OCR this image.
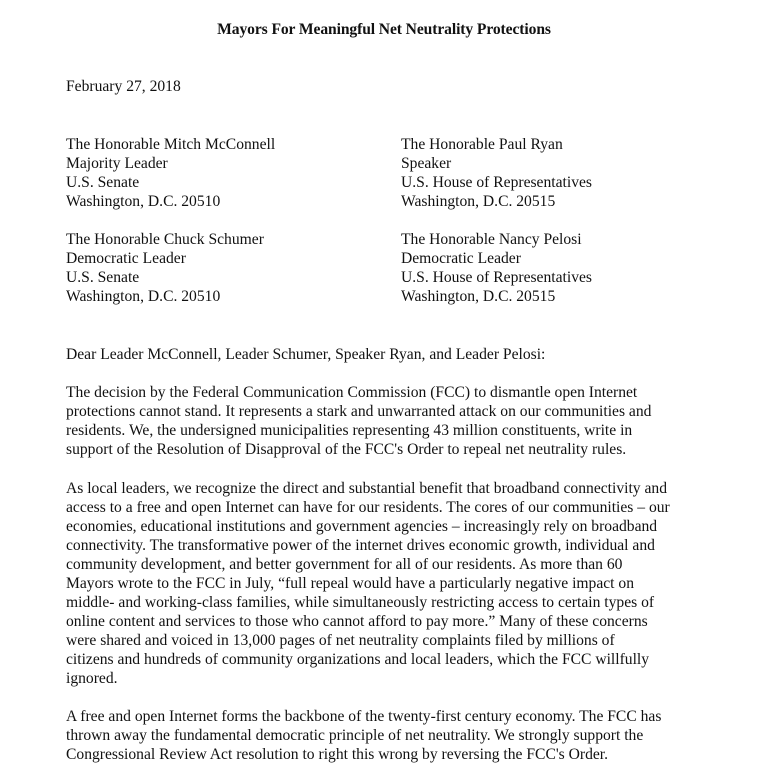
Mayors For Meaningful Net Neutrality Protections
February 27, 2018
The Honorable Mitch McConnell
Majority Leader
U.S. Senate
Washington, D.C. 20510
The Honorable Paul Ryan
Speaker
U.S. House of Representatives
Washington, D.C. 20515
The Honorable Chuck Schumer
Democratic Leader
U.S. Senate
Washington, D.C. 20510
The Honorable Nancy Pelosi
Democratic Leader
U.S. House of Representatives
Washington, D.C. 20515
Dear Leader McConnell, Leader Schumer, Speaker Ryan, and Leader Pelosi:
The decision by the Federal Communication Commission (FCC) to dismantle open Internet
protections cannot stand. It represents a stark and unwarranted attack on our communities and
residents. We, the undersigned municipalities representing 43 million constituents, write in
support of the Resolution of Disapproval of the FCC's Order to repeal net neutrality rules.
As local leaders, we recognize the direct and substantial benefit that broadband connectivity and
access to a free and open Internet can have for our residents. The cores of our communities – our
economies, educational institutions and government agencies – increasingly rely on broadband
connectivity. The transformative power of the internet drives economic growth, individual and
community development, and better government for all of our residents. As more than 60
Mayors wrote to the FCC in July, “full repeal would have a particularly negative impact on
middle- and working-class families, while simultaneously restricting access to certain types of
online content and services to those who cannot afford to pay more.” Many of these concerns
were shared and voiced in 13,000 pages of net neutrality complaints filed by millions of
citizens and hundreds of community organizations and local leaders, which the FCC willfully
ignored.
A free and open Internet forms the backbone of the twenty-first century economy. The FCC has
thrown away the fundamental democratic principle of net neutrality. We strongly support the
Congressional Review Act resolution to right this wrong by reversing the FCC's Order.
